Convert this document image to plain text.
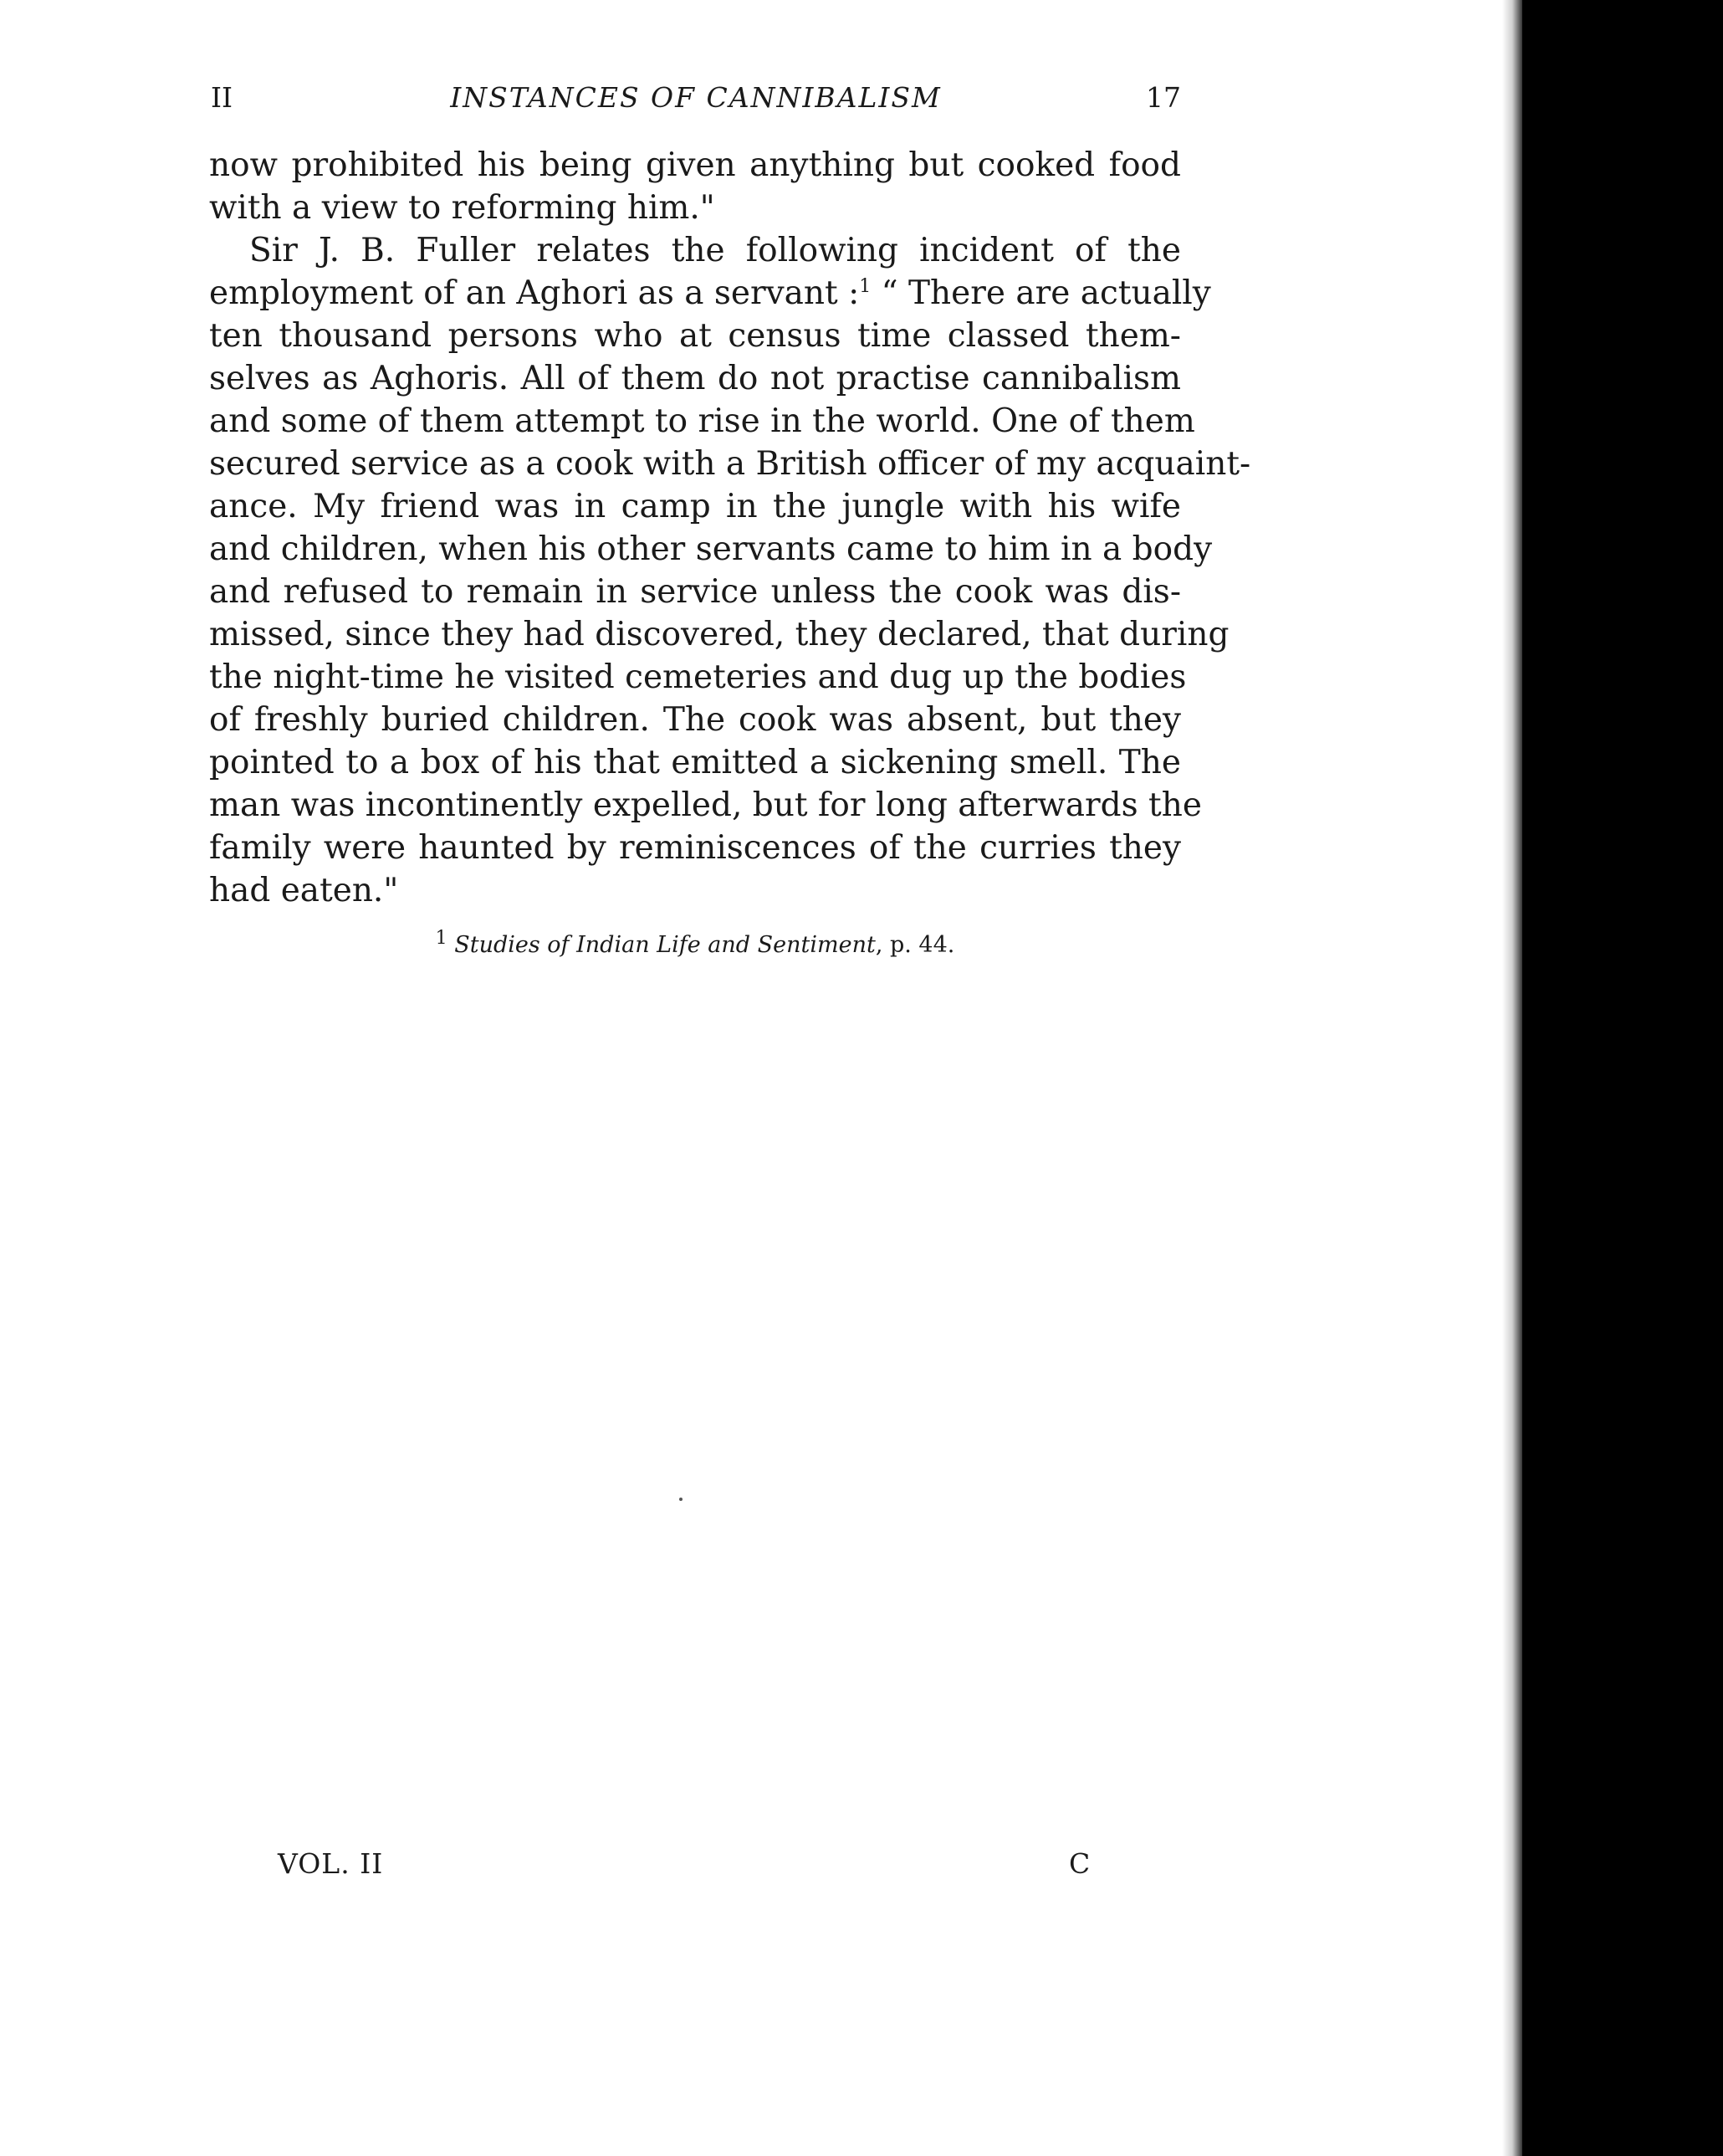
II	INSTANCES OF CANNIBALISM	17
now prohibited his being given anything but cooked food
with a view to reforming him."
Sir J. B. Fuller relates the following incident of the
employment of an Aghori as a servant :$^1$ “ There are actually
ten thousand persons who at census time classed them-
selves as Aghoris. All of them do not practise cannibalism
and some of them attempt to rise in the world. One of them
secured service as a cook with a British officer of my acquaint-
ance. My friend was in camp in the jungle with his wife
and children, when his other servants came to him in a body
and refused to remain in service unless the cook was dis-
missed, since they had discovered, they declared, that during
the night-time he visited cemeteries and dug up the bodies
of freshly buried children. The cook was absent, but they
pointed to a box of his that emitted a sickening smell. The
man was incontinently expelled, but for long afterwards the
family were haunted by reminiscences of the curries they
had eaten."
$^1$ Studies of Indian Life and Sentiment, p. 44.
VOL. II	C
